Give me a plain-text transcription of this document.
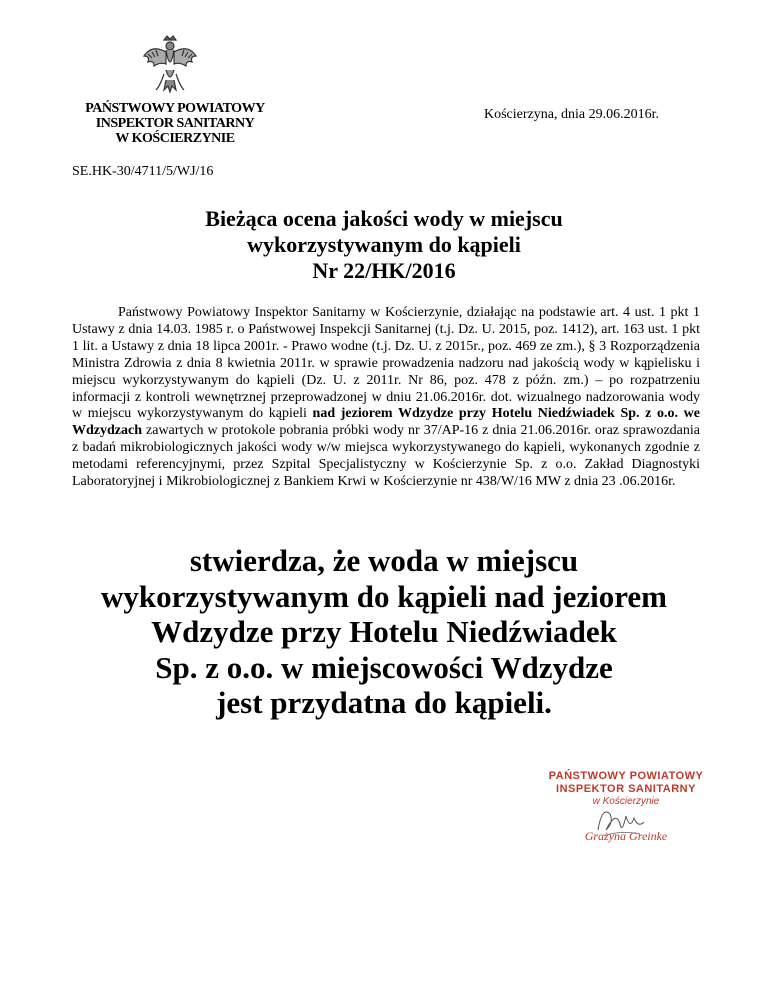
PAŃSTWOWY POWIATOWY
INSPEKTOR SANITARNY
W KOŚCIERZYNIE
Kościerzyna, dnia 29.06.2016r.
SE.HK-30/4711/5/WJ/16
Bieżąca ocena jakości wody w miejscu
wykorzystywanym do kąpieli
Nr 22/HK/2016

Państwowy Powiatowy Inspektor Sanitarny w Kościerzynie, działając na podstawie art. 4 ust. 1 pkt 1 Ustawy z dnia 14.03. 1985 r. o Państwowej Inspekcji Sanitarnej (t.j. Dz. U. 2015, poz. 1412), art. 163 ust. 1 pkt 1 lit. a Ustawy z dnia 18 lipca 2001r. - Prawo wodne (t.j. Dz. U. z 2015r., poz. 469 ze zm.), § 3 Rozporządzenia Ministra Zdrowia z dnia 8 kwietnia 2011r. w sprawie prowadzenia nadzoru nad jakością wody w kąpielisku i miejscu wykorzystywanym do kąpieli (Dz. U. z 2011r. Nr 86, poz. 478 z późn. zm.) – po rozpatrzeniu informacji z kontroli wewnętrznej przeprowadzonej w dniu 21.06.2016r. dot. wizualnego nadzorowania wody w miejscu wykorzystywanym do kąpieli nad jeziorem Wdzydze przy Hotelu Niedźwiadek Sp. z o.o. we Wdzydzach zawartych w protokole pobrania próbki wody nr 37/AP-16 z dnia 21.06.2016r. oraz sprawozdania z badań mikrobiologicznych jakości wody w/w miejsca wykorzystywanego do kąpieli, wykonanych zgodnie z metodami referencyjnymi, przez Szpital Specjalistyczny w Kościerzynie Sp. z o.o. Zakład Diagnostyki Laboratoryjnej i Mikrobiologicznej z Bankiem Krwi w Kościerzynie nr 438/W/16 MW z dnia 23 .06.2016r.

stwierdza, że woda w miejscu
wykorzystywanym do kąpieli nad jeziorem
Wdzydze przy Hotelu Niedźwiadek
Sp. z o.o. w miejscowości Wdzydze
jest przydatna do kąpieli.
PAŃSTWOWY POWIATOWY
INSPEKTOR SANITARNY
w Kościerzynie
Grażyna Greinke
